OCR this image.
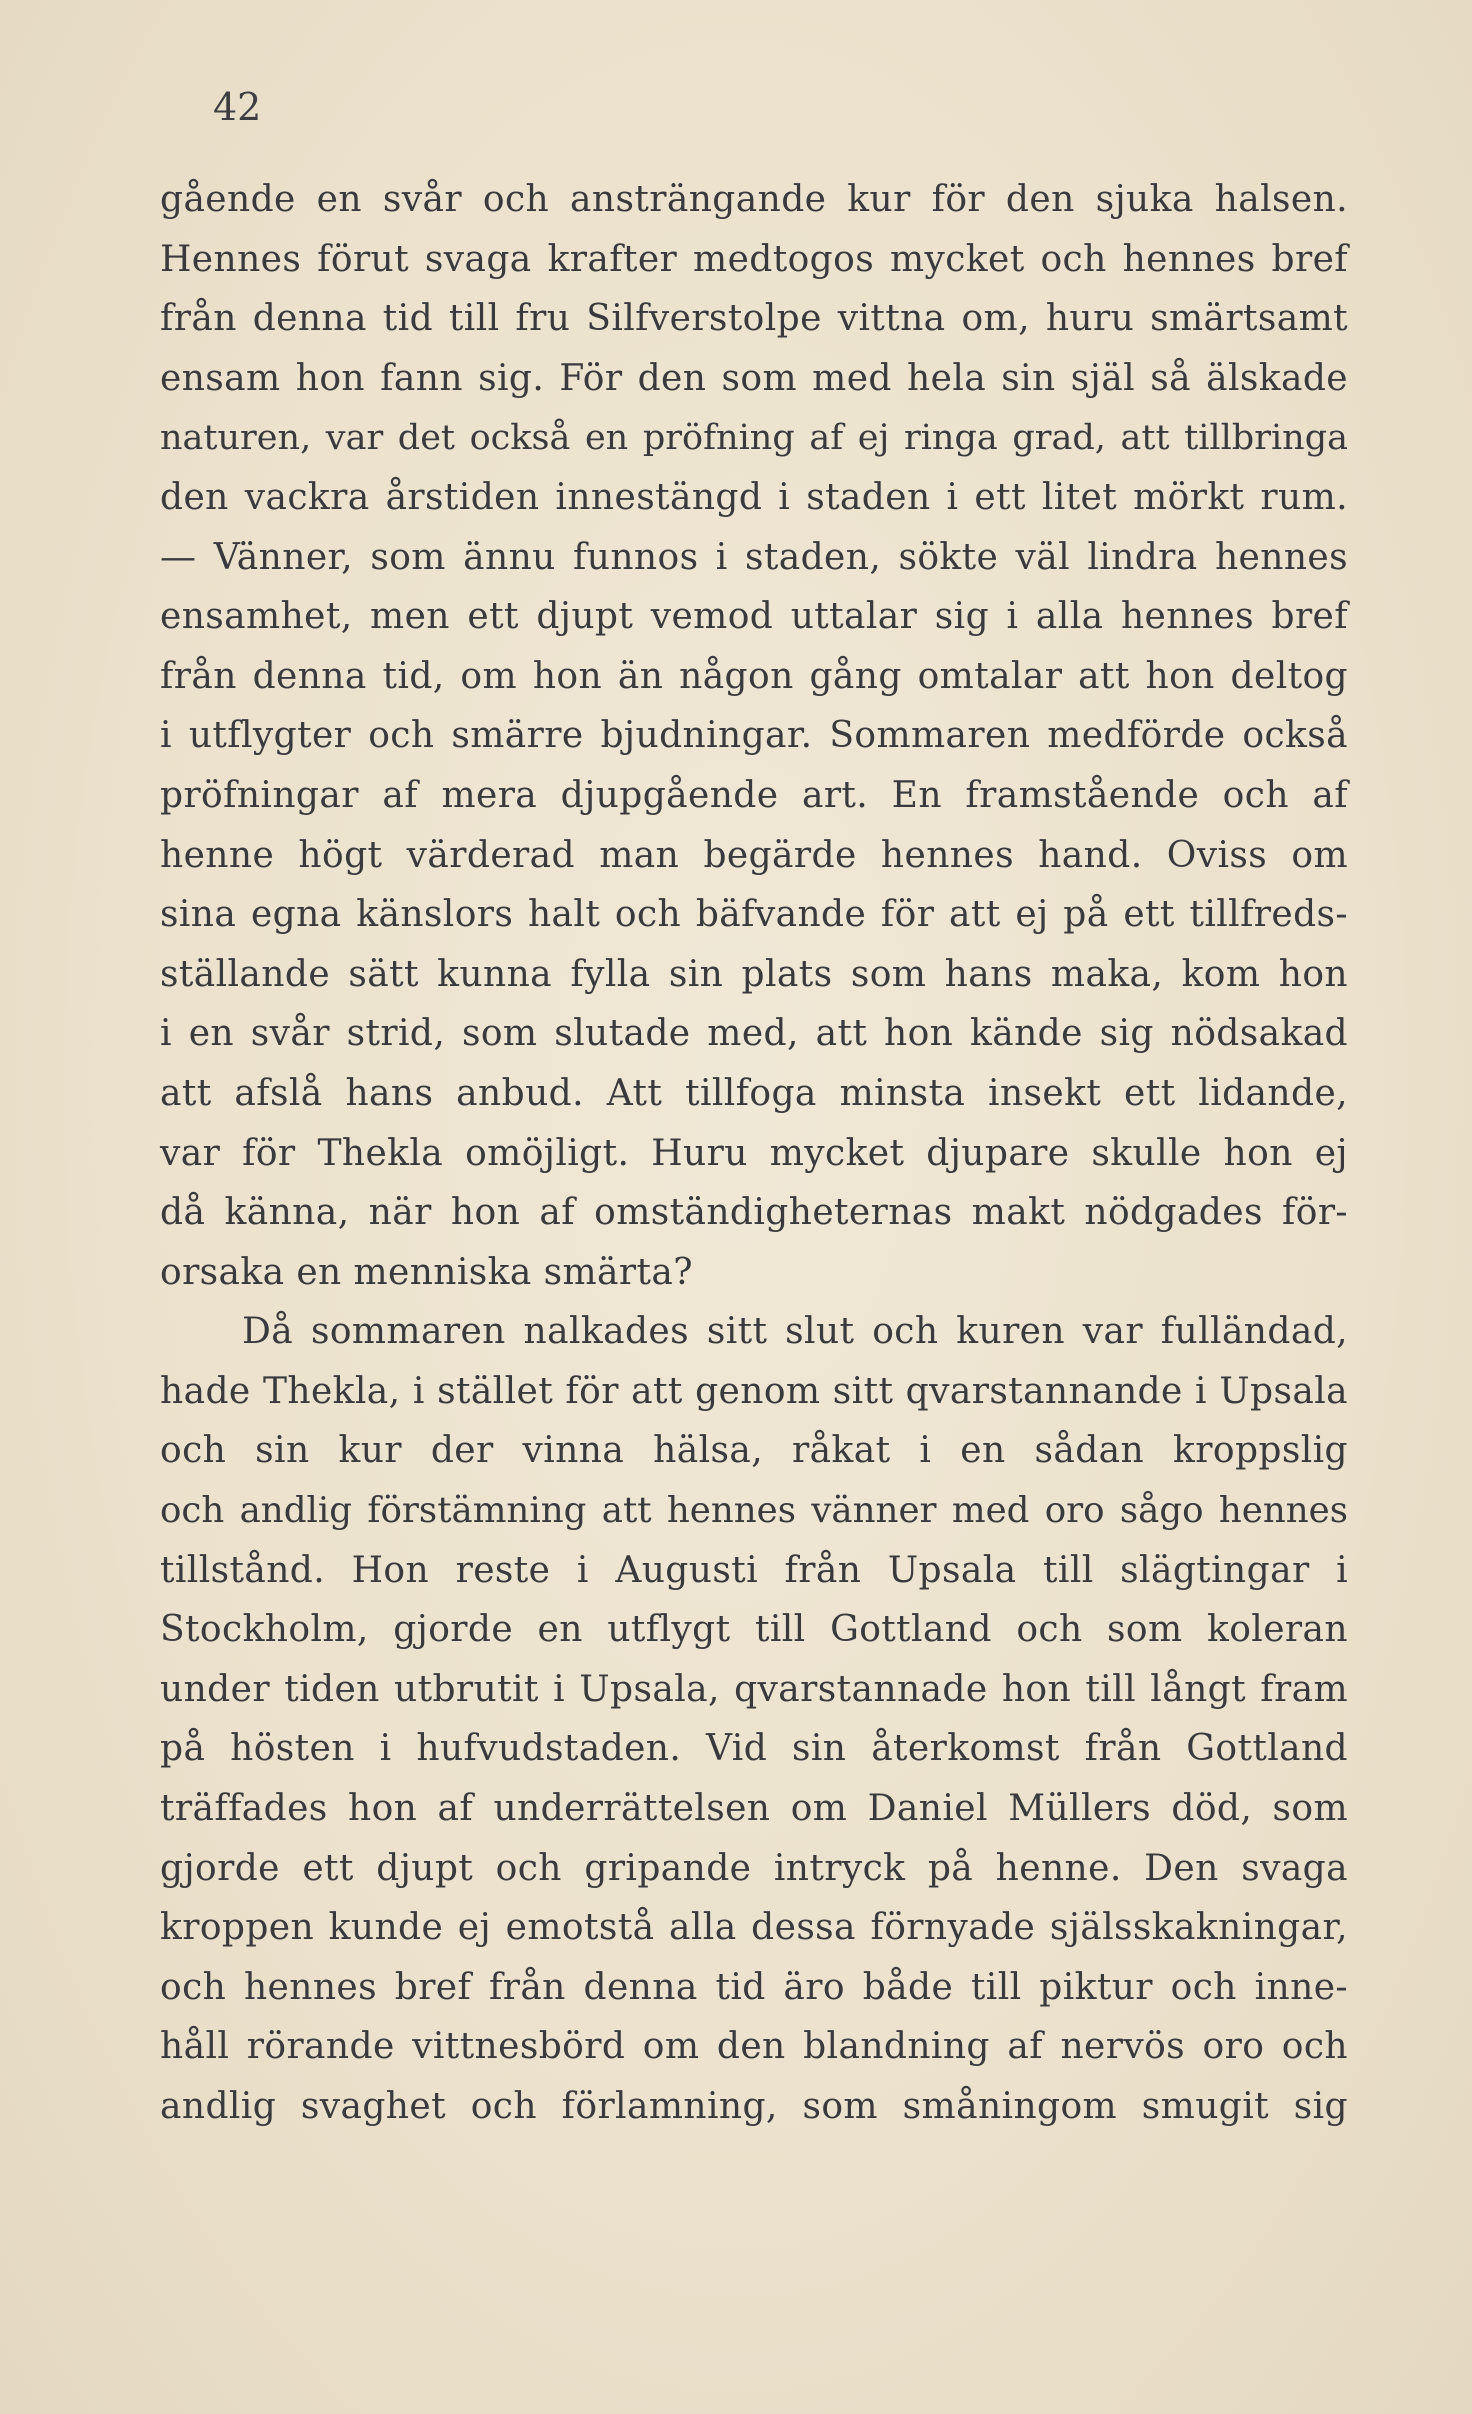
42
gående en svår och ansträngande kur för den sjuka halsen.
Hennes förut svaga krafter medtogos mycket och hennes bref
från denna tid till fru Silfverstolpe vittna om, huru smärtsamt
ensam hon fann sig. För den som med hela sin själ så älskade
naturen, var det också en pröfning af ej ringa grad, att tillbringa
den vackra årstiden innestängd i staden i ett litet mörkt rum.
— Vänner, som ännu funnos i staden, sökte väl lindra hennes
ensamhet, men ett djupt vemod uttalar sig i alla hennes bref
från denna tid, om hon än någon gång omtalar att hon deltog
i utflygter och smärre bjudningar. Sommaren medförde också
pröfningar af mera djupgående art. En framstående och af
henne högt värderad man begärde hennes hand. Oviss om
sina egna känslors halt och bäfvande för att ej på ett tillfreds-
ställande sätt kunna fylla sin plats som hans maka, kom hon
i en svår strid, som slutade med, att hon kände sig nödsakad
att afslå hans anbud. Att tillfoga minsta insekt ett lidande,
var för Thekla omöjligt. Huru mycket djupare skulle hon ej
då känna, när hon af omständigheternas makt nödgades för-
orsaka en menniska smärta?
Då sommaren nalkades sitt slut och kuren var fulländad,
hade Thekla, i stället för att genom sitt qvarstannande i Upsala
och sin kur der vinna hälsa, råkat i en sådan kroppslig
och andlig förstämning att hennes vänner med oro sågo hennes
tillstånd. Hon reste i Augusti från Upsala till slägtingar i
Stockholm, gjorde en utflygt till Gottland och som koleran
under tiden utbrutit i Upsala, qvarstannade hon till långt fram
på hösten i hufvudstaden. Vid sin återkomst från Gottland
träffades hon af underrättelsen om Daniel Müllers död, som
gjorde ett djupt och gripande intryck på henne. Den svaga
kroppen kunde ej emotstå alla dessa förnyade själsskakningar,
och hennes bref från denna tid äro både till piktur och inne-
håll rörande vittnesbörd om den blandning af nervös oro och
andlig svaghet och förlamning, som småningom smugit sig
